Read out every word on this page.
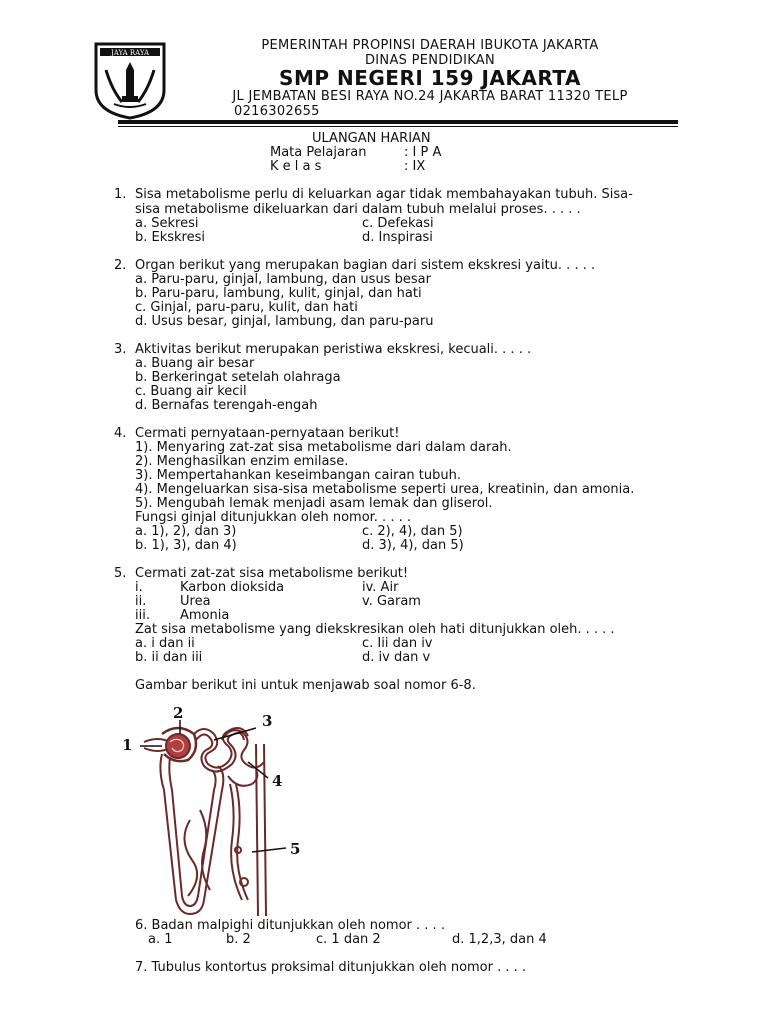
JAYA RAYA	PEMERINTAH PROPINSI DAERAH IBUKOTA JAKARTA
DINAS PENDIDIKAN
SMP NEGERI 159 JAKARTA
JL JEMBATAN BESI RAYA NO.24 JAKARTA BARAT 11320 TELP
0216302655
ULANGAN HARIAN
Mata Pelajaran	: I P A
K e l a s	: IX
1. Sisa metabolisme perlu di keluarkan agar tidak membahayakan tubuh. Sisa-
sisa metabolisme dikeluarkan dari dalam tubuh melalui proses. . . . .
a. Sekresi	c. Defekasi
b. Ekskresi	d. Inspirasi
2. Organ berikut yang merupakan bagian dari sistem ekskresi yaitu. . . . .
a. Paru-paru, ginjal, lambung, dan usus besar
b. Paru-paru, lambung, kulit, ginjal, dan hati
c. Ginjal, paru-paru, kulit, dan hati
d. Usus besar, ginjal, lambung, dan paru-paru
3. Aktivitas berikut merupakan peristiwa ekskresi, kecuali. . . . .
a. Buang air besar
b. Berkeringat setelah olahraga
c. Buang air kecil
d. Bernafas terengah-engah
4. Cermati pernyataan-pernyataan berikut!
1). Menyaring zat-zat sisa metabolisme dari dalam darah.
2). Menghasilkan enzim emilase.
3). Mempertahankan keseimbangan cairan tubuh.
4). Mengeluarkan sisa-sisa metabolisme seperti urea, kreatinin, dan amonia.
5). Mengubah lemak menjadi asam lemak dan gliserol.
Fungsi ginjal ditunjukkan oleh nomor. . . . .
a. 1), 2), dan 3)	c. 2), 4), dan 5)
b. 1), 3), dan 4)	d. 3), 4), dan 5)
5. Cermati zat-zat sisa metabolisme berikut!
i.	Karbon dioksida	iv. Air
ii.	Urea	v. Garam
iii. Amonia
Zat sisa metabolisme yang diekskresikan oleh hati ditunjukkan oleh. . . . .
a. i dan ii	c. Iii dan iv
b. ii dan iii	d. iv dan v
Gambar berikut ini untuk menjawab soal nomor 6-8.
1
2	3
4
5
6. Badan malpighi ditunjukkan oleh nomor . . . .
a. 1	b. 2	c. 1 dan 2	d. 1,2,3, dan 4
7. Tubulus kontortus proksimal ditunjukkan oleh nomor . . . .
